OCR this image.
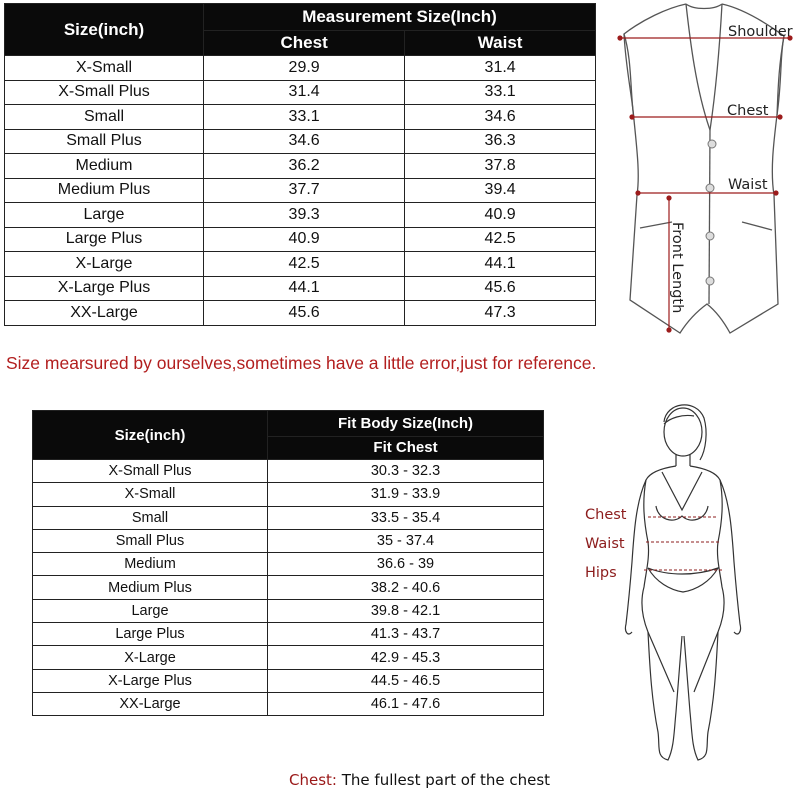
Size(inch)	Measurement Size(Inch)	
	Chest	Waist
X-Small	29.9	31.4
X-Small Plus	31.4	33.1
Small	33.1	34.6
Small Plus	34.6	36.3
Medium	36.2	37.8
Medium Plus	37.7	39.4
Large	39.3	40.9
Large Plus	40.9	42.5
X-Large	42.5	44.1
X-Large Plus	44.1	45.6
XX-Large	45.6	47.3
Shoulder
Chest
Waist
Front Length
Size mearsured by ourselves,sometimes have a little error,just for reference.
Size(inch)	Fit Body Size(Inch)
	Fit Chest
X-Small Plus	30.3 - 32.3
X-Small	31.9 - 33.9
Small	33.5 - 35.4
Small Plus	35 - 37.4
Medium	36.6 - 39
Medium Plus	38.2 - 40.6
Large	39.8 - 42.1
Large Plus	41.3 - 43.7
X-Large	42.9 - 45.3
X-Large Plus	44.5 - 46.5
XX-Large	46.1 - 47.6
Chest
Waist
Hips
Chest: The fullest part of the chest
